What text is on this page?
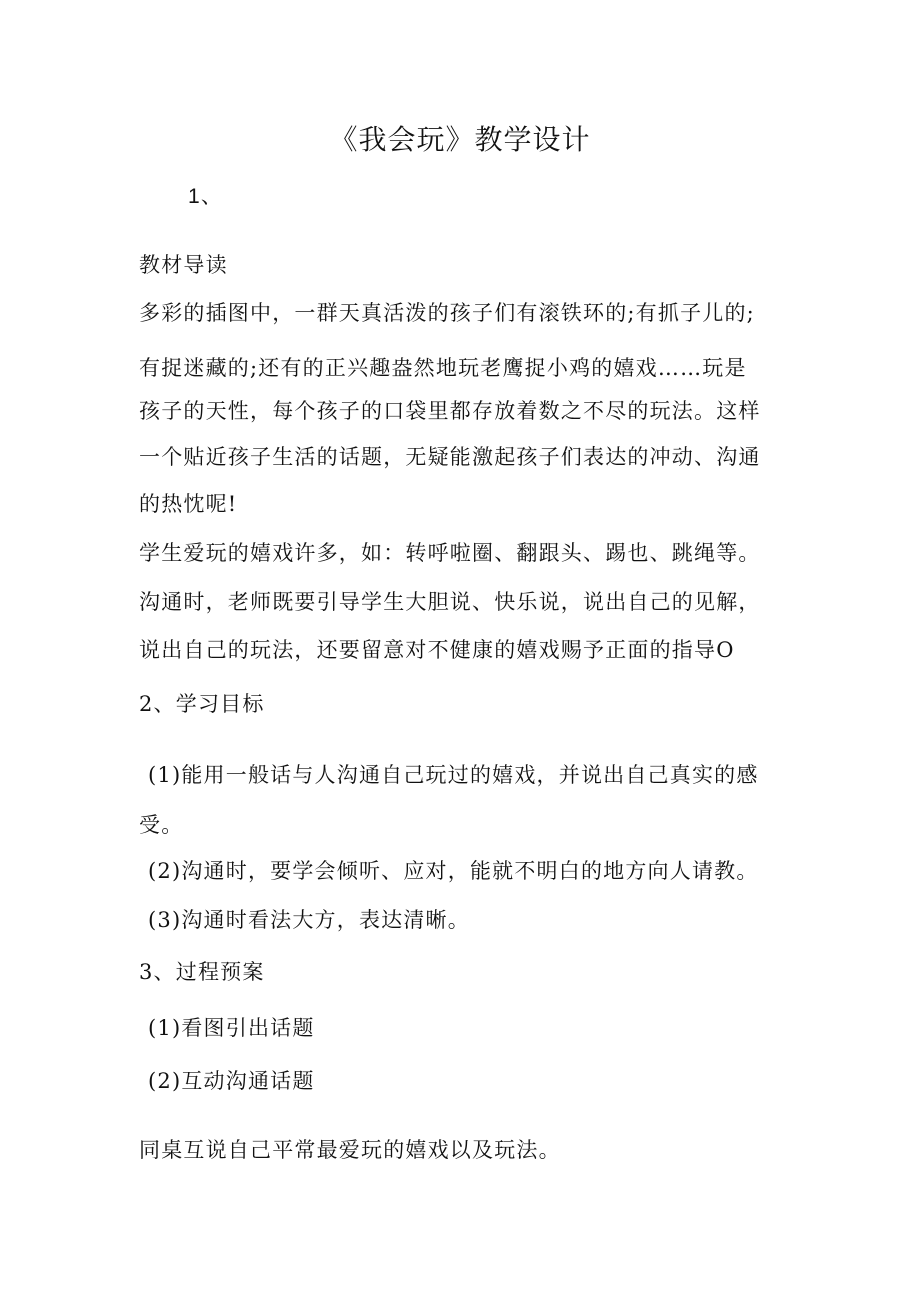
《我会玩》教学设计

1、

教材导读

多彩的插图中，一群天真活泼的孩子们有滚铁环的;有抓子儿的;

有捉迷藏的;还有的正兴趣盎然地玩老鹰捉小鸡的嬉戏……玩是

孩子的天性，每个孩子的口袋里都存放着数之不尽的玩法。这样

一个贴近孩子生活的话题，无疑能激起孩子们表达的冲动、沟通

的热忱呢!

学生爱玩的嬉戏许多，如：转呼啦圈、翻跟头、踢也、跳绳等。

沟通时，老师既要引导学生大胆说、快乐说，说出自己的见解，

说出自己的玩法，还要留意对不健康的嬉戏赐予正面的指导O

2、学习目标

(1)能用一般话与人沟通自己玩过的嬉戏，并说出自己真实的感

受。

(2)沟通时，要学会倾听、应对，能就不明白的地方向人请教。

(3)沟通时看法大方，表达清晰。

3、过程预案

(1)看图引出话题

(2)互动沟通话题

同桌互说自己平常最爱玩的嬉戏以及玩法。
